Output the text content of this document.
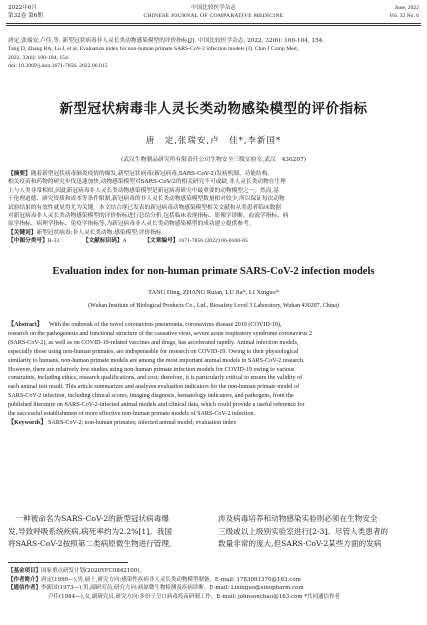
2022年6月
第32卷 第6期
中国比较医学杂志
CHINESE JOURNAL OF COMPARATIVE MEDICINE
June, 2022
Vol. 32 No. 6
唐定,张瑞安,卢佳,等. 新型冠状病毒非人灵长类动物感染模型的评价指标[J]. 中国比较医学杂志, 2022, 32(6): 100-104, 154.
Tang D, Zhang RA, Lu J, et al. Evaluation index for non-human primate SARS-CoV-2 infection models [J]. Chin J Comp Med,
2022, 32(6): 100-104, 154.
doi: 10.3969/j.issn.1671-7856. 2022.06.015
新型冠状病毒非人灵长类动物感染模型的评价指标
唐　定,张瑞安,卢　佳*,李新国*
(武汉生物制品研究所有限责任公司生物安全三级实验室,武汉　430207)
【摘要】随着新型冠状病毒肺炎疫情的爆发,新型冠状病毒(新冠病毒,SARS-CoV-2)发病机制、功能结构、
相关疫苗和药物的研究步伐迅速加快,动物感染模型对SARS-CoV-2的相关研究不可或缺,非人灵长类动物在生理
上与人类非常相似,因此新冠病毒非人灵长类动物感染模型是新冠病毒研究中最重要的动物模型之一。然而,基
于伦理道德、研究资质和成本等条件限制,新冠病毒的非人灵长类动物感染模型数量相对较少,所以保证每次动物
试验结果的有效性就显得尤为关键。本文结合现已发表的新冠病毒动物感染模型相关文献和从类患者临床数据
对新冠病毒非人灵长类动物感染模型的评价指标进行总结分析,包括临床表现指标、影像学诊断、血液学指标、病
原学指标、病理学指标、免疫学指标等,为新冠病毒非人灵长类动物感染模型的成功建立提供参考。
【关键词】新型冠状病毒;非人灵长类动物;感染模型;评价指标
【中图分类号】R-33	【文献标识码】A	【文章编号】1671-7856 (2022) 06-0100-05
Evaluation index for non-human primate SARS-CoV-2 infection models
TANG Ding, ZHANG Ruian, LU Jia*, LI Xinguo*
(Wuhan Institute of Biological Products Co., Ltd., Biosafety Level 3 Laboratory, Wuhan 430207, China)
【Abstract】 With the outbreak of the novel coronavirus pneumonia, coronavirus disease 2019 (COVID-19),
research on the pathogenesis and functional structure of the causative virus, severe acute respiratory syndrome coronavirus 2
(SARS-CoV-2), as well as on COVID-19-related vaccines and drugs, has accelerated rapidly. Animal infection models,
especially those using non-human primates, are indispensable for research on COVID-19. Owing to their physiological
similarity to humans, non-human primate models are among the most important animal models in SARS-CoV-2 research.
However, there are relatively few studies using non-human primate infection models for COVID-19 owing to various
constraints, including ethics, research qualifications, and cost; therefore, it is particularly critical to ensure the validity of
each animal test result. This article summarizes and analyzes evaluation indicators for the non-human primate model of
SARS-CoV-2 infection, including clinical scores, imaging diagnosis, hematology indicators, and pathogens, from the
published literature on SARS-CoV-2-infected animal models and clinical data, which could provide a useful reference for
the successful establishment of more effective non-human primate models of SARS-CoV-2 infection.
【Keywords】 SARS-CoV-2; non-human primates; infected animal model; evaluation index
　一种被命名为SARS-CoV-2的新型冠状病毒爆
发,导致呼吸系统疾病,病死率约为2.2%[1]。我国
将SARS-CoV-2按照第二类病原微生物进行管理,
涉及病毒培养和动物感染实验则必须在生物安全
三级或以上级别实验室进行[2-3]。尽管人类患者的
数量非常的庞大,但SARS-CoV-2某些方面的发病
【基金项目】国家重点研发计划(2020YFC0842100)。
【作者简介】唐定(1996—),男,硕士,研究方向:感染性疾病非人灵长类动物模型制备。E-mail: 1783091370@163.com
【通信作者】李新国(1973—),男,副研究员,研究方向:病原微生物检测及疾病诊断。E-mail: Lixinguo@sinopharm.com
卢佳(1984—),女,副研究员,研究方向:多份子呈口病毒疫苗研制工作。E-mail: johnsonchau@163.com *共同通信作者
